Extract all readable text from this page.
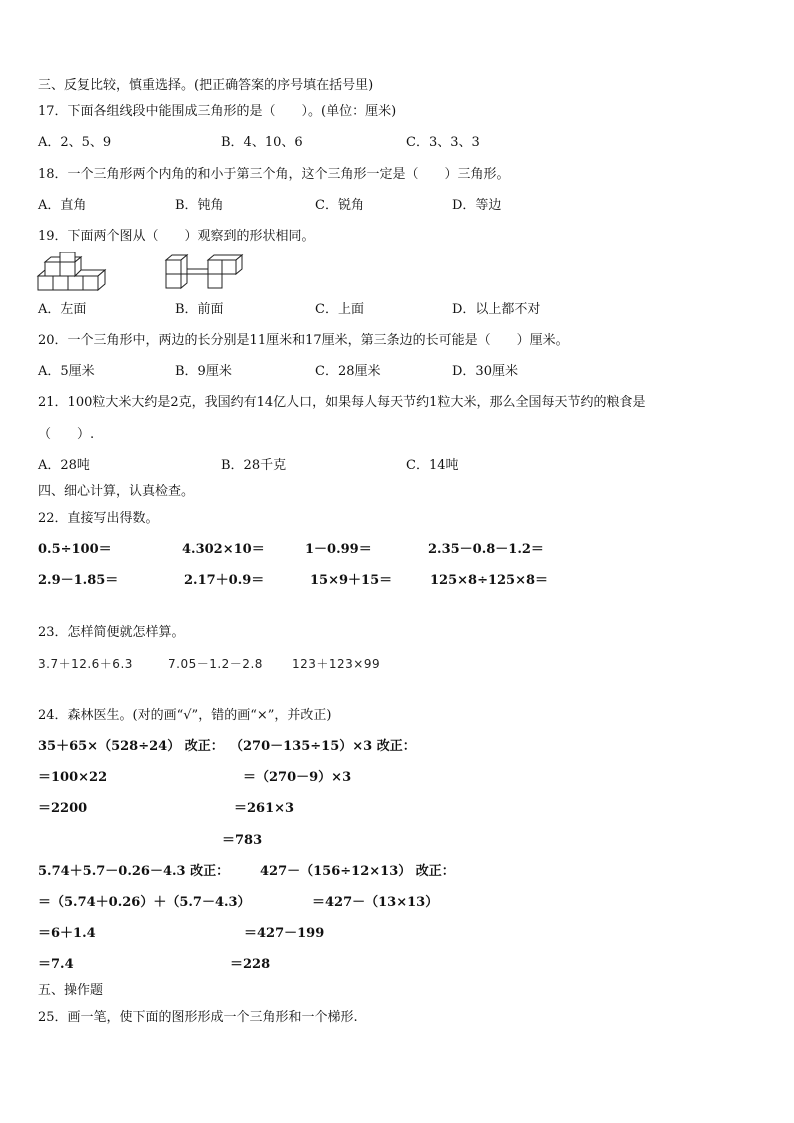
三、反复比较，慎重选择。(把正确答案的序号填在括号里)
17．下面各组线段中能围成三角形的是（　　）。(单位：厘米)
A．2、5、9	B．4、10、6	C．3、3、3
18．一个三角形两个内角的和小于第三个角，这个三角形一定是（　　）三角形。
A．直角	B．钝角	C．锐角	D．等边
19．下面两个图从（　　）观察到的形状相同。
A．左面	B．前面	C．上面	D．以上都不对
20．一个三角形中，两边的长分别是11厘米和17厘米，第三条边的长可能是（　　）厘米。
A．5厘米	B．9厘米	C．28厘米	D．30厘米
21．100粒大米大约是2克，我国约有14亿人口，如果每人每天节约1粒大米，那么全国每天节约的粮食是
（　　）.
A．28吨	B．28千克	C．14吨
四、细心计算，认真检查。
22．直接写出得数。
0.5÷100＝	4.302×10＝	1－0.99＝	2.35－0.8－1.2＝
2.9－1.85＝	2.17＋0.9＝	15×9＋15＝	125×8÷125×8＝
23．怎样简便就怎样算。
3.7＋12.6＋6.3	7.05－1.2－2.8 123＋123×99
24．森林医生。(对的画“√”，错的画“×”，并改正)
35＋65×（528÷24） 改正：
＝100×22
＝2200
（270－135÷15）×3 改正：
＝（270－9）×3
＝261×3
＝783
5.74＋5.7－0.26－4.3 改正：
＝（5.74＋0.26）＋（5.7－4.3）
＝6＋1.4
＝7.4
427－（156÷12×13） 改正：
＝427－（13×13）
＝427－199
＝228
五、操作题
25．画一笔，使下面的图形形成一个三角形和一个梯形.
